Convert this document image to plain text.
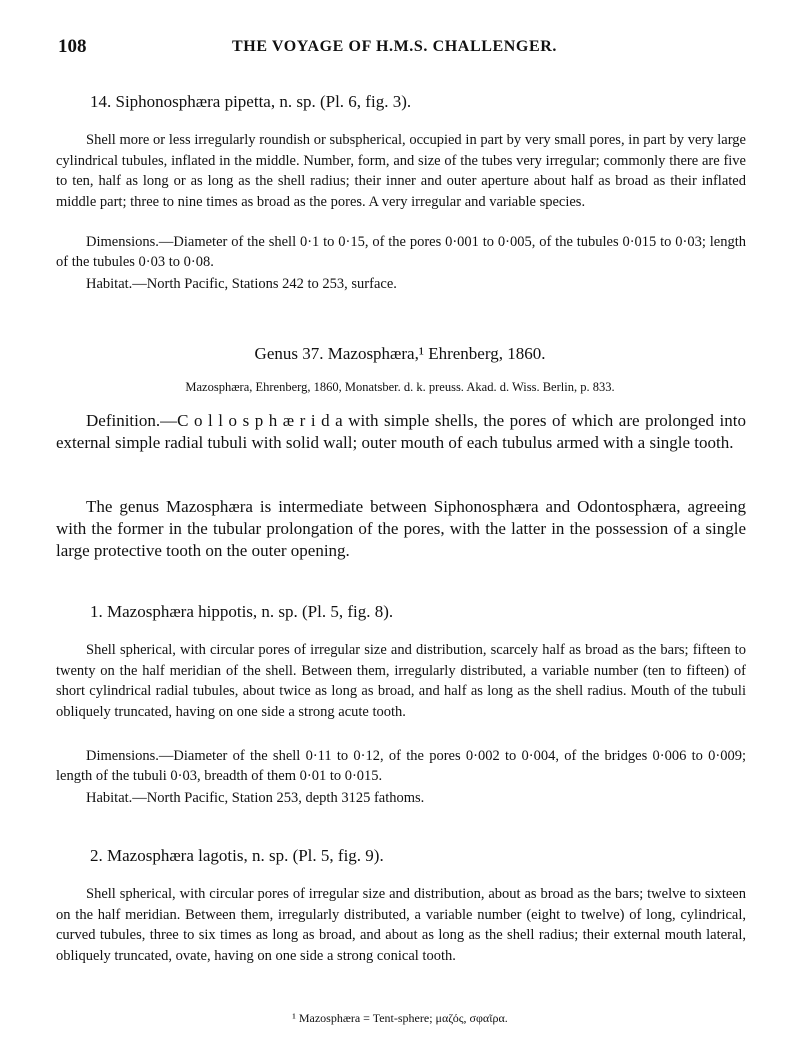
108	THE VOYAGE OF H.M.S. CHALLENGER.
14. Siphonosphæra pipetta, n. sp. (Pl. 6, fig. 3).

Shell more or less irregularly roundish or subspherical, occupied in part by very small pores, in part by very large cylindrical tubules, inflated in the middle. Number, form, and size of the tubes very irregular; commonly there are five to ten, half as long or as long as the shell radius; their inner and outer aperture about half as broad as their inflated middle part; three to nine times as broad as the pores. A very irregular and variable species.

Dimensions.—Diameter of the shell 0·1 to 0·15, of the pores 0·001 to 0·005, of the tubules 0·015 to 0·03; length of the tubules 0·03 to 0·08.
Habitat.—North Pacific, Stations 242 to 253, surface.
Genus 37. Mazosphæra,¹ Ehrenberg, 1860.
Mazosphæra, Ehrenberg, 1860, Monatsber. d. k. preuss. Akad. d. Wiss. Berlin, p. 833.

Definition.—C o l l o s p h æ r i d a with simple shells, the pores of which are prolonged into external simple radial tubuli with solid wall; outer mouth of each tubulus armed with a single tooth.

The genus Mazosphæra is intermediate between Siphonosphæra and Odontosphæra, agreeing with the former in the tubular prolongation of the pores, with the latter in the possession of a single large protective tooth on the outer opening.

1. Mazosphæra hippotis, n. sp. (Pl. 5, fig. 8).

Shell spherical, with circular pores of irregular size and distribution, scarcely half as broad as the bars; fifteen to twenty on the half meridian of the shell. Between them, irregularly distributed, a variable number (ten to fifteen) of short cylindrical radial tubules, about twice as long as broad, and half as long as the shell radius. Mouth of the tubuli obliquely truncated, having on one side a strong acute tooth.

Dimensions.—Diameter of the shell 0·11 to 0·12, of the pores 0·002 to 0·004, of the bridges 0·006 to 0·009; length of the tubuli 0·03, breadth of them 0·01 to 0·015.
Habitat.—North Pacific, Station 253, depth 3125 fathoms.
2. Mazosphæra lagotis, n. sp. (Pl. 5, fig. 9).

Shell spherical, with circular pores of irregular size and distribution, about as broad as the bars; twelve to sixteen on the half meridian. Between them, irregularly distributed, a variable number (eight to twelve) of long, cylindrical, curved tubules, three to six times as long as broad, and about as long as the shell radius; their external mouth lateral, obliquely truncated, ovate, having on one side a strong conical tooth.

¹ Mazosphæra = Tent-sphere; μαζός, σφαῖρα.
